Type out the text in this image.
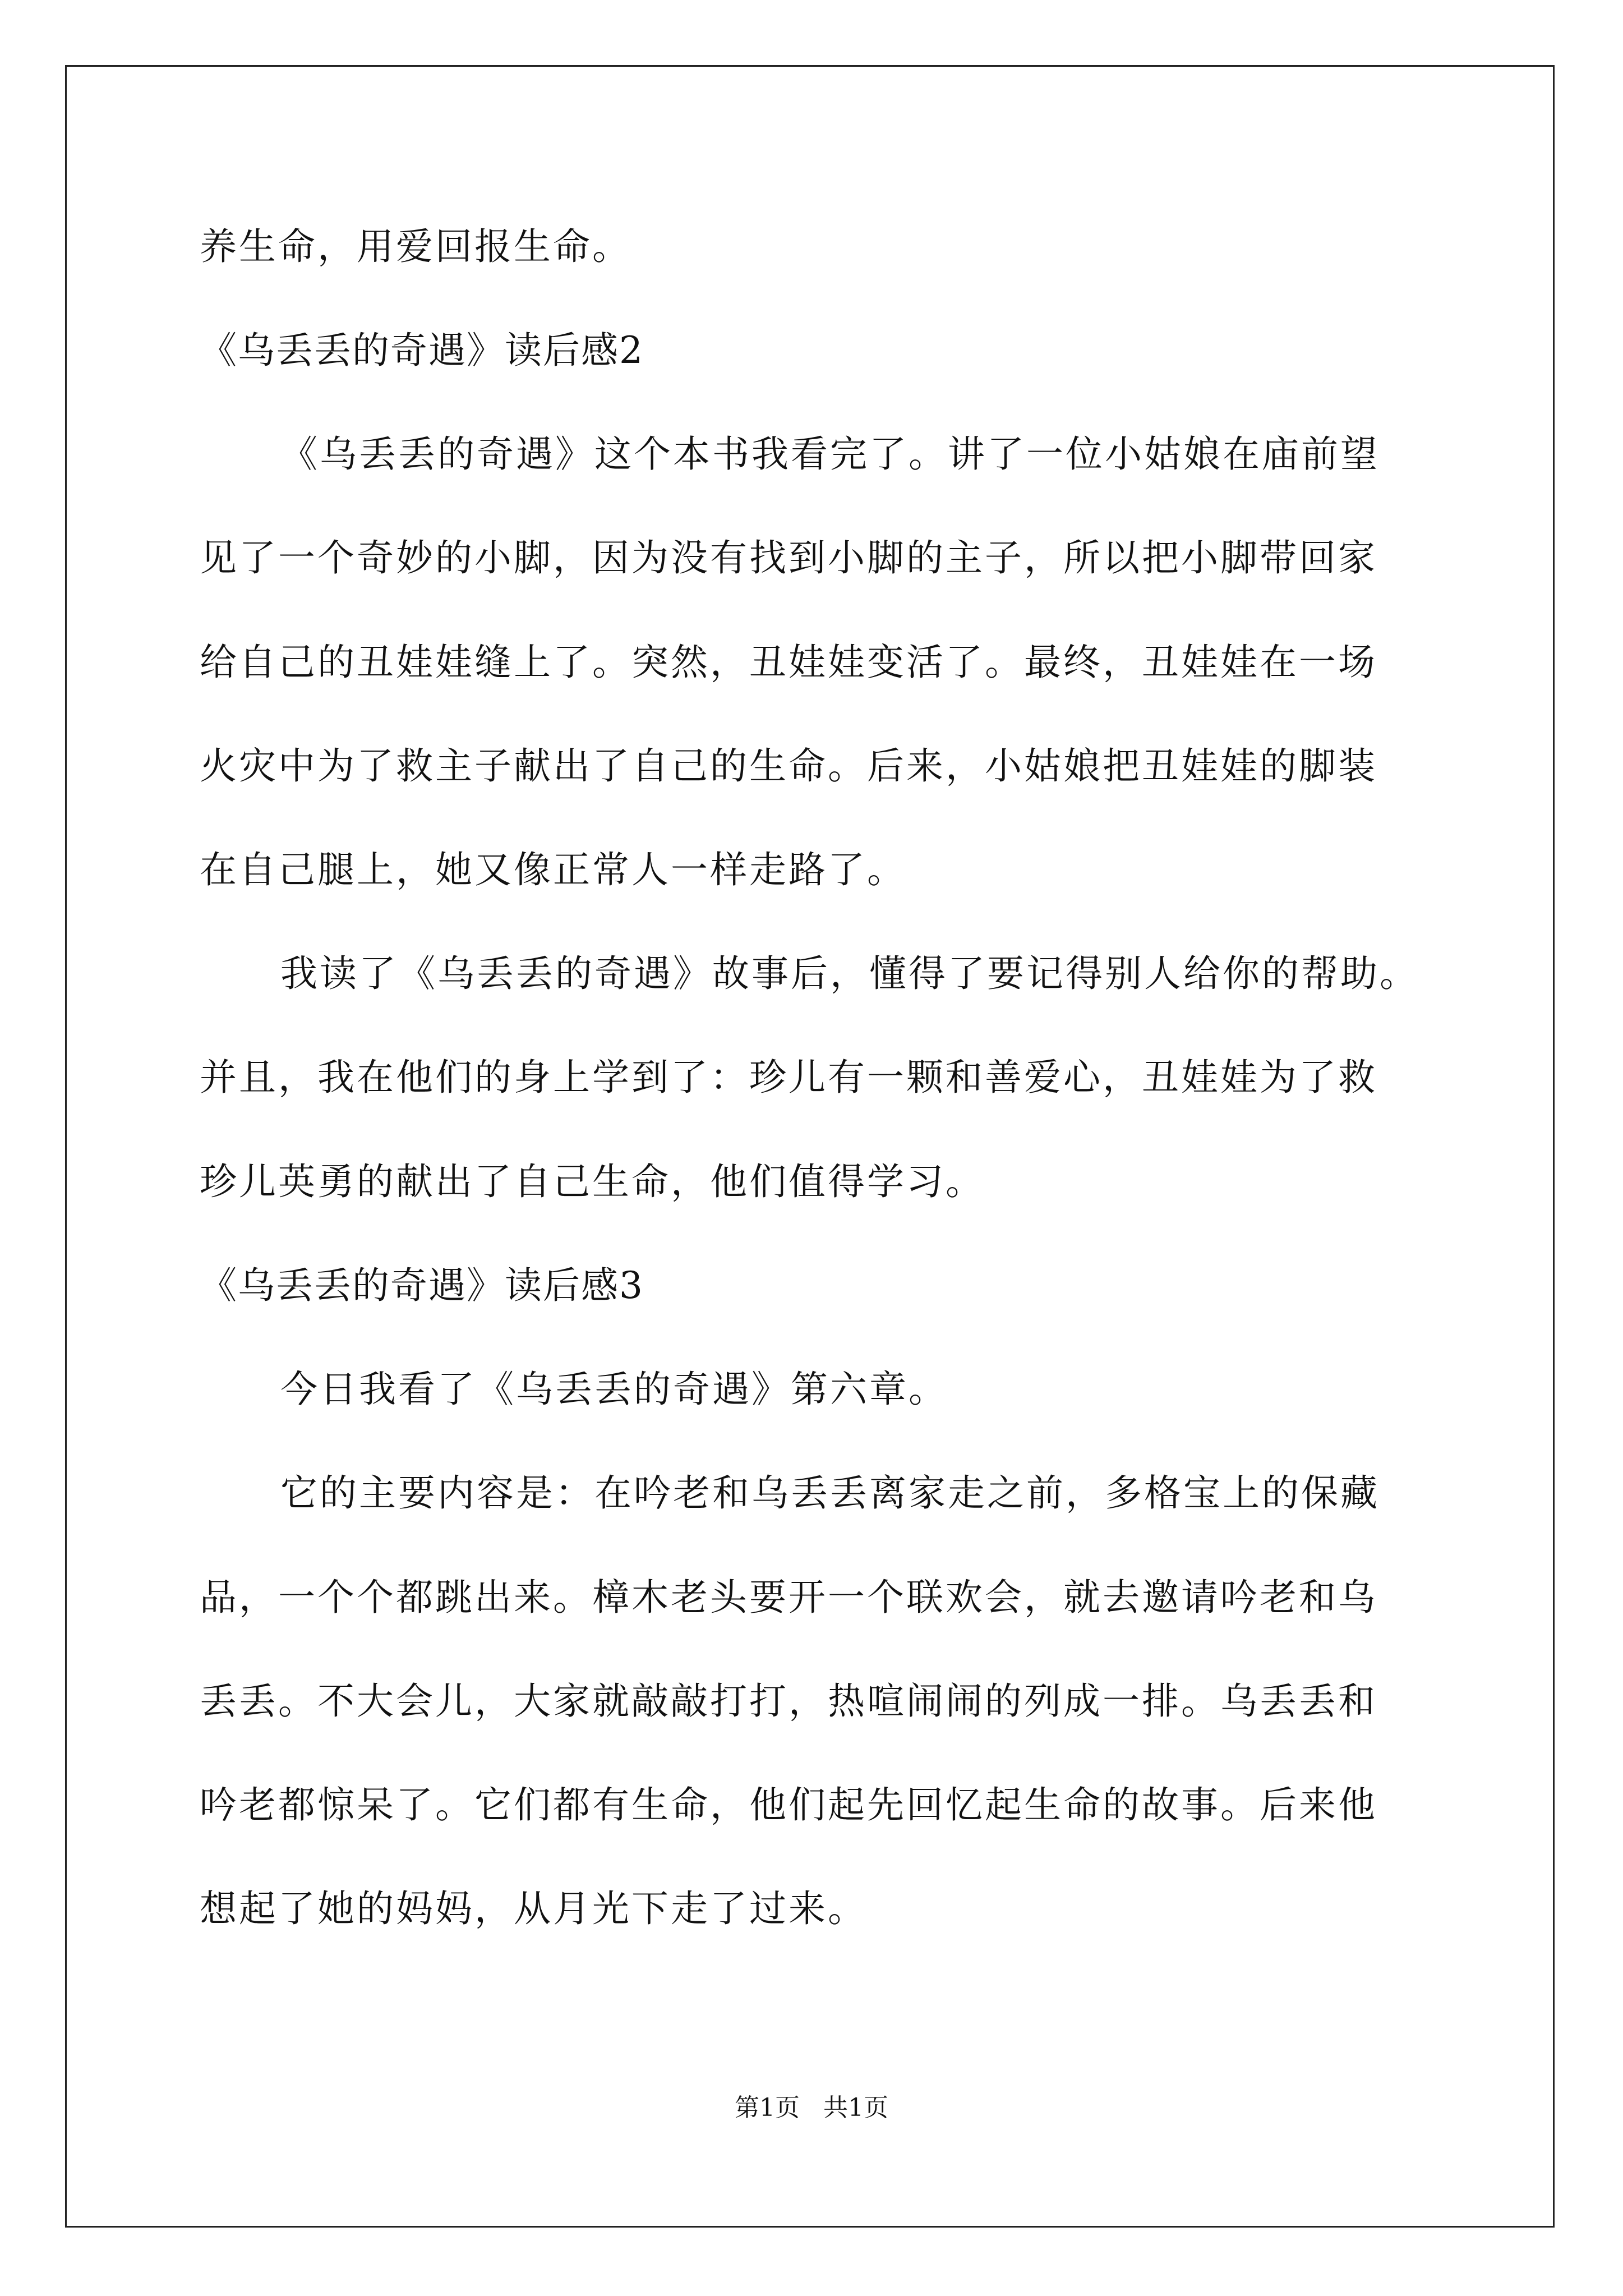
养生命，用爱回报生命。
《乌丢丢的奇遇》读后感2
《乌丢丢的奇遇》这个本书我看完了。讲了一位小姑娘在庙前望
见了一个奇妙的小脚，因为没有找到小脚的主子，所以把小脚带回家
给自己的丑娃娃缝上了。突然，丑娃娃变活了。最终，丑娃娃在一场
火灾中为了救主子献出了自己的生命。后来，小姑娘把丑娃娃的脚装
在自己腿上，她又像正常人一样走路了。
我读了《乌丢丢的奇遇》故事后，懂得了要记得别人给你的帮助。
并且，我在他们的身上学到了：珍儿有一颗和善爱心，丑娃娃为了救
珍儿英勇的献出了自己生命，他们值得学习。
《乌丢丢的奇遇》读后感3
今日我看了《乌丢丢的奇遇》第六章。
它的主要内容是：在吟老和乌丢丢离家走之前，多格宝上的保藏
品，一个个都跳出来。樟木老头要开一个联欢会，就去邀请吟老和乌
丢丢。不大会儿，大家就敲敲打打，热喧闹闹的列成一排。乌丢丢和
吟老都惊呆了。它们都有生命，他们起先回忆起生命的故事。后来他
想起了她的妈妈，从月光下走了过来。
第1页   共1页
